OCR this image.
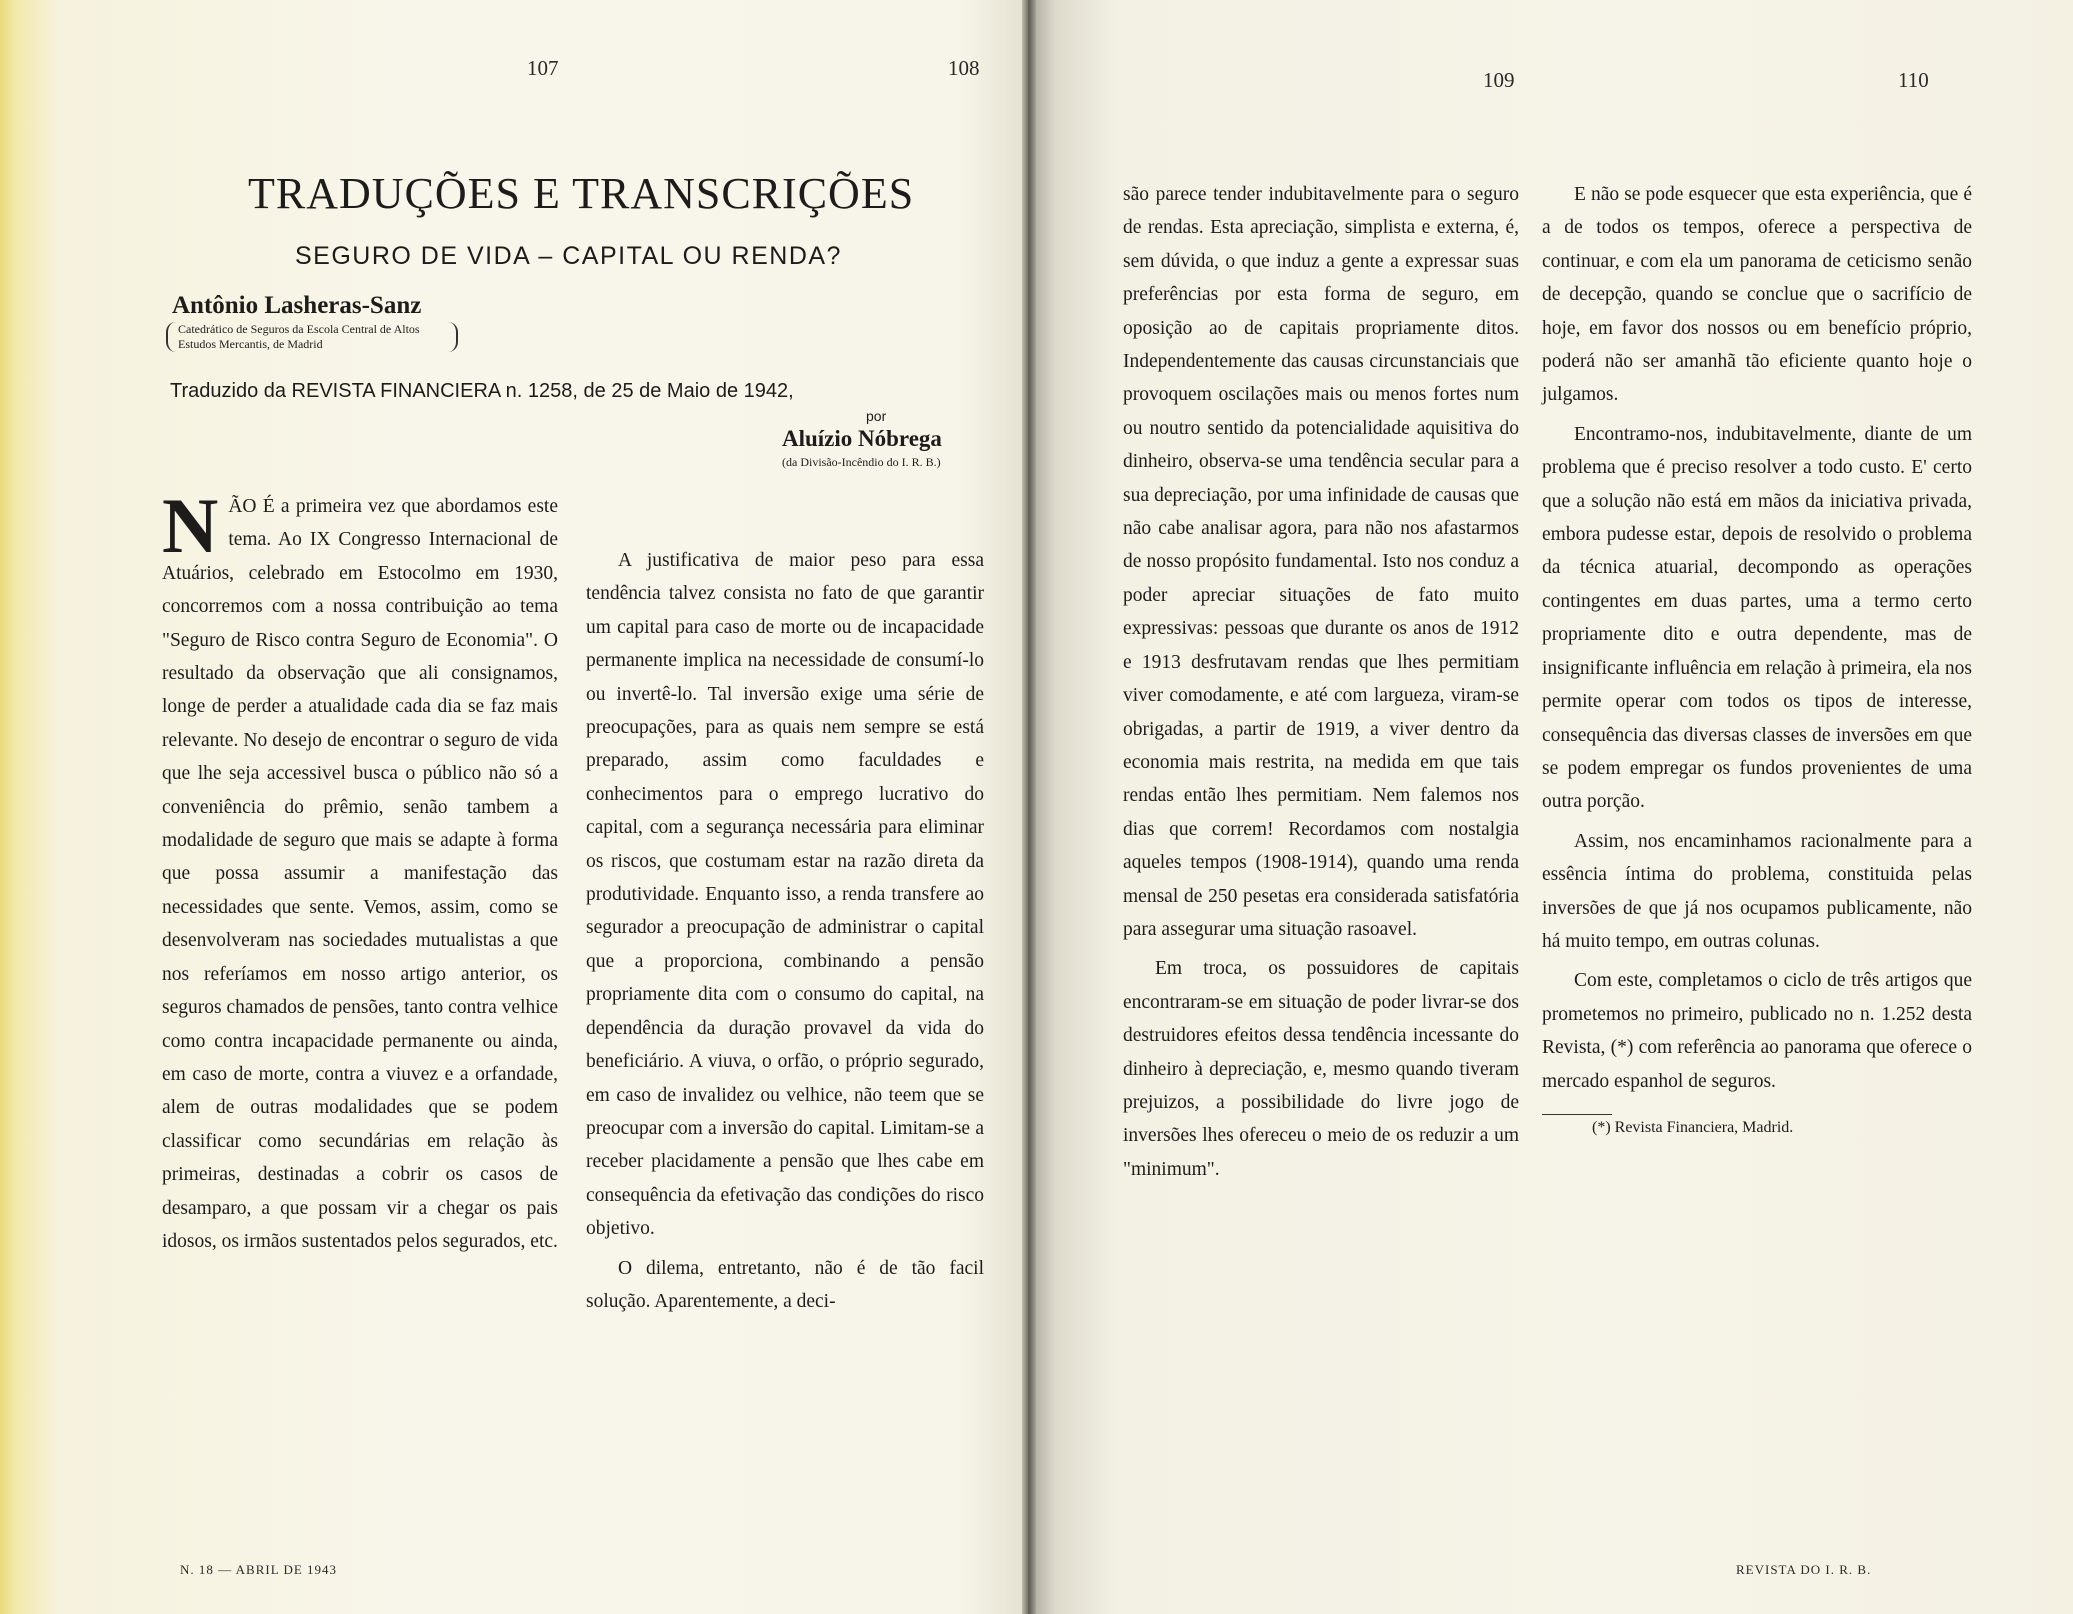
107	108
TRADUÇÕES E TRANSCRIÇÕES
SEGURO DE VIDA – CAPITAL OU RENDA?
Antônio Lasheras-Sanz
Catedrático de Seguros da Escola Central de Altos Estudos Mercantis, de Madrid
Traduzido da REVISTA FINANCIERA n. 1258, de 25 de Maio de 1942,
por
Aluízio Nóbrega
(da Divisão-Incêndio do I. R. B.)

N ÃO É a primeira vez que abordamos este tema. Ao IX Congresso Internacional de Atuários, celebrado em Estocolmo em 1930, concorremos com a nossa contribuição ao tema "Seguro de Risco contra Seguro de Economia". O resultado da observação que ali consignamos, longe de perder a atualidade cada dia se faz mais relevante. No desejo de encontrar o seguro de vida que lhe seja accessivel busca o público não só a conveniência do prêmio, senão tambem a modalidade de seguro que mais se adapte à forma que possa assumir a manifestação das necessidades que sente. Vemos, assim, como se desenvolveram nas sociedades mutualistas a que nos referíamos em nosso artigo anterior, os seguros chamados de pensões, tanto contra velhice como contra incapacidade permanente ou ainda, em caso de morte, contra a viuvez e a orfandade, alem de outras modalidades que se podem classificar como secundárias em relação às primeiras, destinadas a cobrir os casos de desamparo, a que possam vir a chegar os pais idosos, os irmãos sustentados pelos segurados, etc.

A justificativa de maior peso para essa tendência talvez consista no fato de que garantir um capital para caso de morte ou de incapacidade permanente implica na necessidade de consumí-lo ou invertê-lo. Tal inversão exige uma série de preocupações, para as quais nem sempre se está preparado, assim como faculdades e conhecimentos para o emprego lucrativo do capital, com a segurança necessária para eliminar os riscos, que costumam estar na razão direta da produtividade. Enquanto isso, a renda transfere ao segurador a preocupação de administrar o capital que a proporciona, combinando a pensão propriamente dita com o consumo do capital, na dependência da duração provavel da vida do beneficiário. A viuva, o orfão, o próprio segurado, em caso de invalidez ou velhice, não teem que se preocupar com a inversão do capital. Limitam-se a receber placidamente a pensão que lhes cabe em consequência da efetivação das condições do risco objetivo.

O dilema, entretanto, não é de tão facil solução. Aparentemente, a deci-

N. 18 — ABRIL DE 1943
109	110

são parece tender indubitavelmente para o seguro de rendas. Esta apreciação, simplista e externa, é, sem dúvida, o que induz a gente a expressar suas preferências por esta forma de seguro, em oposição ao de capitais propriamente ditos. Independentemente das causas circunstanciais que provoquem oscilações mais ou menos fortes num ou noutro sentido da potencialidade aquisitiva do dinheiro, observa-se uma tendência secular para a sua depreciação, por uma infinidade de causas que não cabe analisar agora, para não nos afastarmos de nosso propósito fundamental. Isto nos conduz a poder apreciar situações de fato muito expressivas: pessoas que durante os anos de 1912 e 1913 desfrutavam rendas que lhes permitiam viver comodamente, e até com largueza, viram-se obrigadas, a partir de 1919, a viver dentro da economia mais restrita, na medida em que tais rendas então lhes permitiam. Nem falemos nos dias que correm! Recordamos com nostalgia aqueles tempos (1908-1914), quando uma renda mensal de 250 pesetas era considerada satisfatória para assegurar uma situação rasoavel.

Em troca, os possuidores de capitais encontraram-se em situação de poder livrar-se dos destruidores efeitos dessa tendência incessante do dinheiro à depreciação, e, mesmo quando tiveram prejuizos, a possibilidade do livre jogo de inversões lhes ofereceu o meio de os reduzir a um "minimum".

E não se pode esquecer que esta experiência, que é a de todos os tempos, oferece a perspectiva de continuar, e com ela um panorama de ceticismo senão de decepção, quando se conclue que o sacrifício de hoje, em favor dos nossos ou em benefício próprio, poderá não ser amanhã tão eficiente quanto hoje o julgamos.

Encontramo-nos, indubitavelmente, diante de um problema que é preciso resolver a todo custo. E' certo que a solução não está em mãos da iniciativa privada, embora pudesse estar, depois de resolvido o problema da técnica atuarial, decompondo as operações contingentes em duas partes, uma a termo certo propriamente dito e outra dependente, mas de insignificante influência em relação à primeira, ela nos permite operar com todos os tipos de interesse, consequência das diversas classes de inversões em que se podem empregar os fundos provenientes de uma outra porção.

Assim, nos encaminhamos racionalmente para a essência íntima do problema, constituida pelas inversões de que já nos ocupamos publicamente, não há muito tempo, em outras colunas.

Com este, completamos o ciclo de três artigos que prometemos no primeiro, publicado no n. 1.252 desta Revista, (*) com referência ao panorama que oferece o mercado espanhol de seguros.

(*) Revista Financiera, Madrid.
REVISTA DO I. R. B.
